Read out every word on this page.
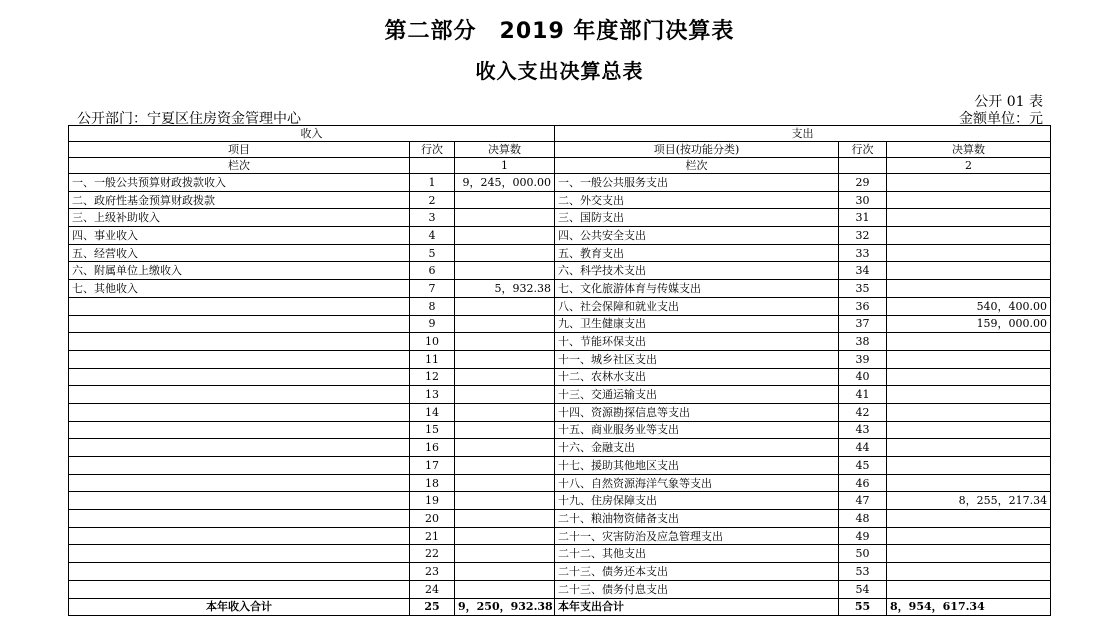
第二部分　2019 年度部门决算表
收入支出决算总表
公开 01 表
公开部门：宁夏区住房资金管理中心	金额单位：元
收入			支出		
项目	行次	决算数	项目(按功能分类)	行次	决算数
栏次		1	栏次		2
一、一般公共预算财政拨款收入	1	9，245，000.00	一、一般公共服务支出	29	
二、政府性基金预算财政拨款	2		二、外交支出	30	
三、上级补助收入	3		三、国防支出	31	
四、事业收入	4		四、公共安全支出	32	
五、经营收入	5		五、教育支出	33	
六、附属单位上缴收入	6		六、科学技术支出	34	
七、其他收入	7	5，932.38	七、文化旅游体育与传媒支出	35	
	8		八、社会保障和就业支出	36	540，400.00
	9		九、卫生健康支出	37	159，000.00
	10		十、节能环保支出	38	
	11		十一、城乡社区支出	39	
	12		十二、农林水支出	40	
	13		十三、交通运输支出	41	
	14		十四、资源勘探信息等支出	42	
	15		十五、商业服务业等支出	43	
	16		十六、金融支出	44	
	17		十七、援助其他地区支出	45	
	18		十八、自然资源海洋气象等支出	46	
	19		十九、住房保障支出	47	8，255，217.34
	20		二十、粮油物资储备支出	48	
	21		二十一、灾害防治及应急管理支出	49	
	22		二十二、其他支出	50	
	23		二十三、债务还本支出	53	
	24		二十三、债务付息支出	54	
本年收入合计	25	9，250，932.38	本年支出合计	55	8，954，617.34
